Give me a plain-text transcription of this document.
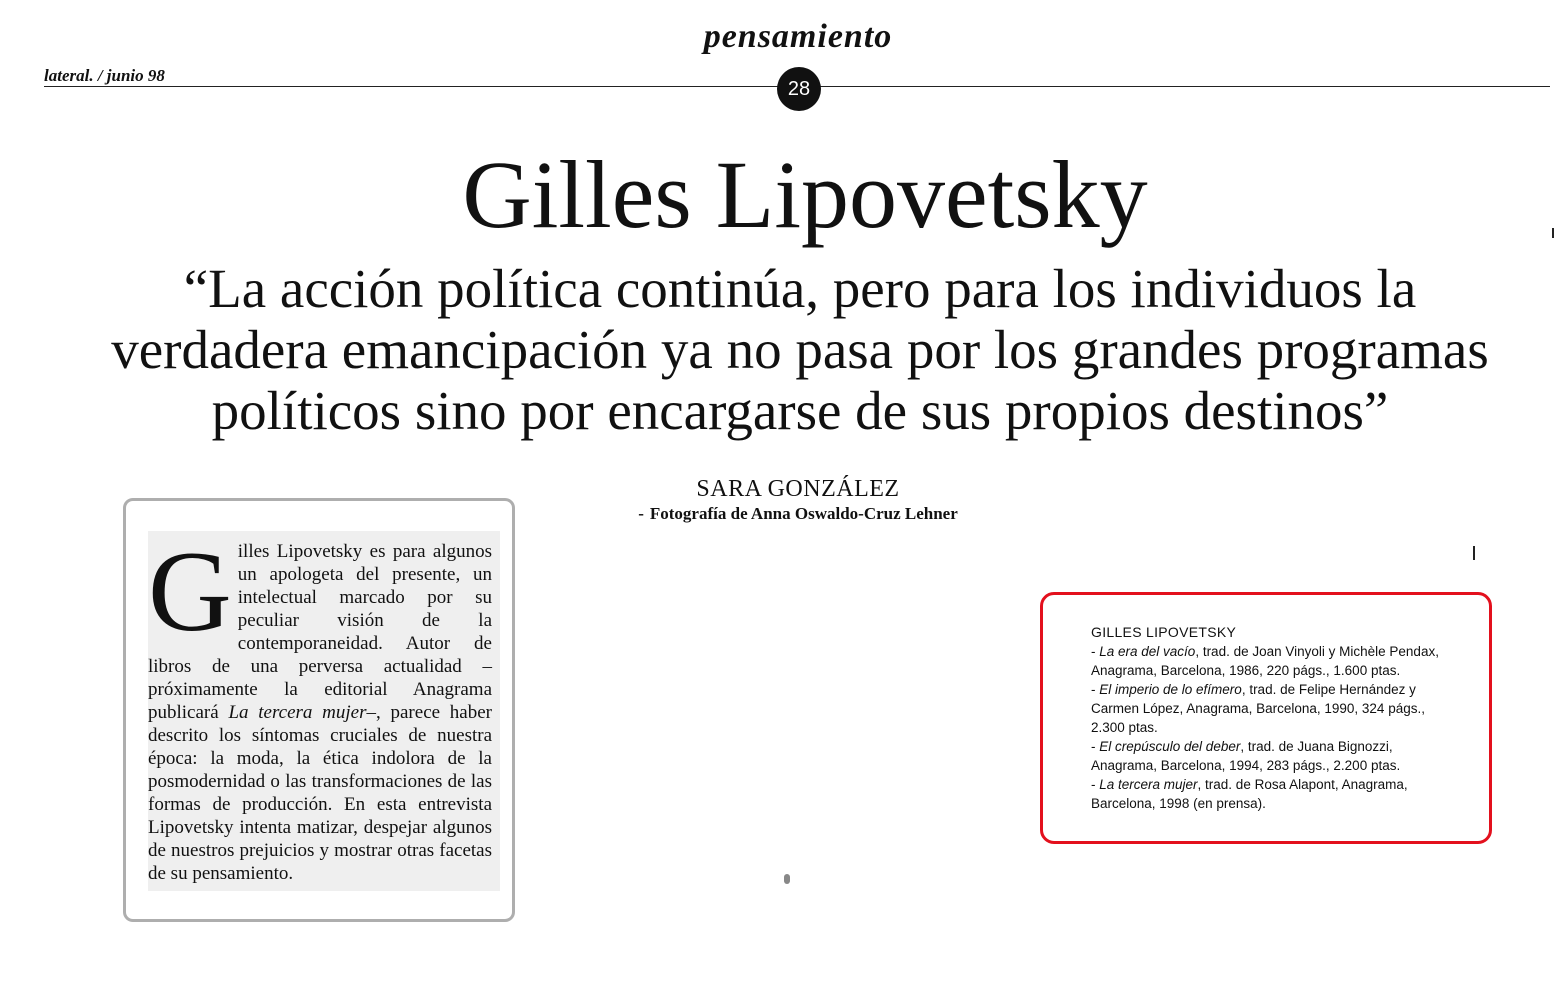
pensamiento
lateral. / junio 98
28
Gilles Lipovetsky
“La acción política continúa, pero para los individuos la
verdadera emancipación ya no pasa por los grandes programas
políticos sino por encargarse de sus propios destinos”
SARA GONZÁLEZ
- Fotografía de Anna Oswaldo-Cruz Lehner
Gilles Lipovetsky es para algunos un apologeta del presente, un intelectual marcado por su peculiar visión de la contemporaneidad. Autor de libros de una perversa actualidad –próximamente la editorial Anagrama publicará La tercera mujer–, parece haber descrito los síntomas cruciales de nuestra época: la moda, la ética indolora de la posmodernidad o las transformaciones de las formas de producción. En esta entrevista Lipovetsky intenta matizar, despejar algunos de nuestros prejuicios y mostrar otras facetas de su pensamiento.
GILLES LIPOVETSKY
- La era del vacío, trad. de Joan Vinyoli y Michèle Pendax, Anagrama, Barcelona, 1986, 220 págs., 1.600 ptas.
- El imperio de lo efímero, trad. de Felipe Hernández y Carmen López, Anagrama, Barcelona, 1990, 324 págs., 2.300 ptas.
- El crepúsculo del deber, trad. de Juana Bignozzi, Anagrama, Barcelona, 1994, 283 págs., 2.200 ptas.
- La tercera mujer, trad. de Rosa Alapont, Anagrama, Barcelona, 1998 (en prensa).
